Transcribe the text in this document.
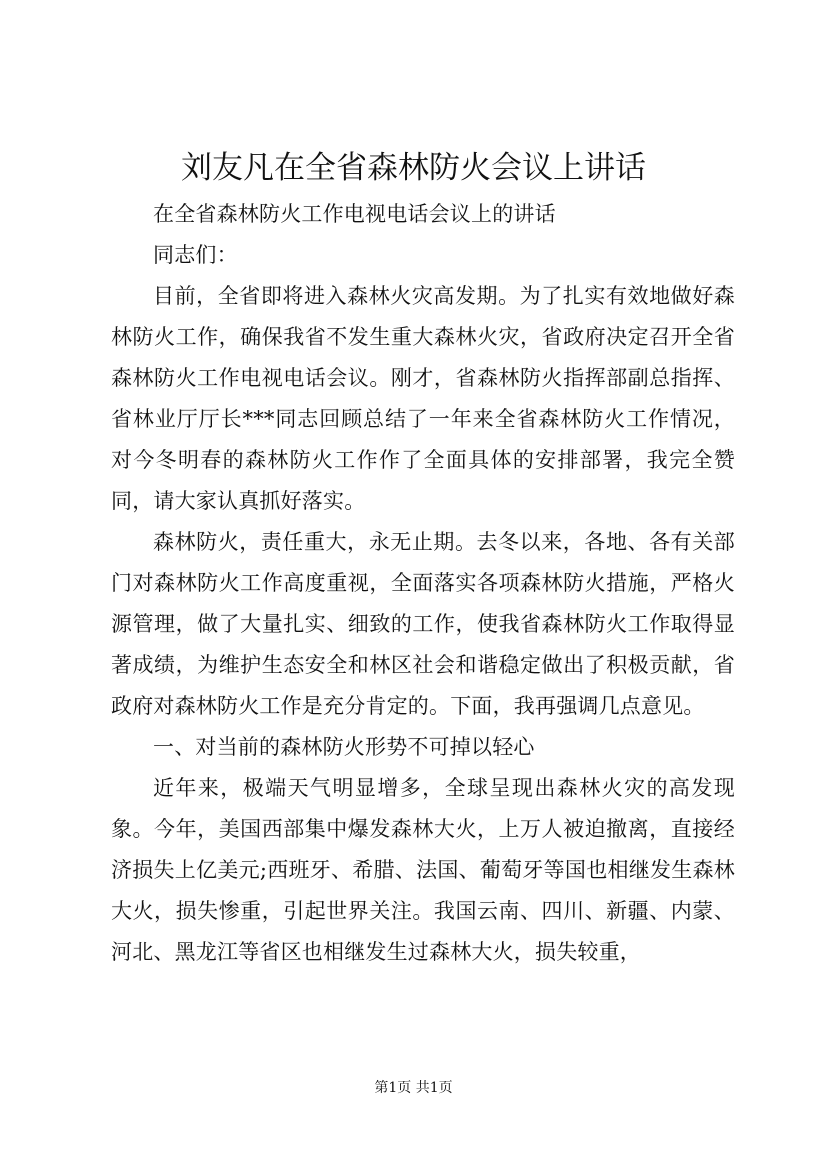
刘友凡在全省森林防火会议上讲话

在全省森林防火工作电视电话会议上的讲话

同志们：

目前，全省即将进入森林火灾高发期。为了扎实有效地做好森林防火工作，确保我省不发生重大森林火灾，省政府决定召开全省森林防火工作电视电话会议。刚才，省森林防火指挥部副总指挥、省林业厅厅长***同志回顾总结了一年来全省森林防火工作情况，对今冬明春的森林防火工作作了全面具体的安排部署，我完全赞同，请大家认真抓好落实。

森林防火，责任重大，永无止期。去冬以来，各地、各有关部门对森林防火工作高度重视，全面落实各项森林防火措施，严格火源管理，做了大量扎实、细致的工作，使我省森林防火工作取得显著成绩，为维护生态安全和林区社会和谐稳定做出了积极贡献，省政府对森林防火工作是充分肯定的。下面，我再强调几点意见。

一、对当前的森林防火形势不可掉以轻心

近年来，极端天气明显增多，全球呈现出森林火灾的高发现象。今年，美国西部集中爆发森林大火，上万人被迫撤离，直接经济损失上亿美元;西班牙、希腊、法国、葡萄牙等国也相继发生森林大火，损失惨重，引起世界关注。我国云南、四川、新疆、内蒙、河北、黑龙江等省区也相继发生过森林大火，损失较重，

第1页 共1页
